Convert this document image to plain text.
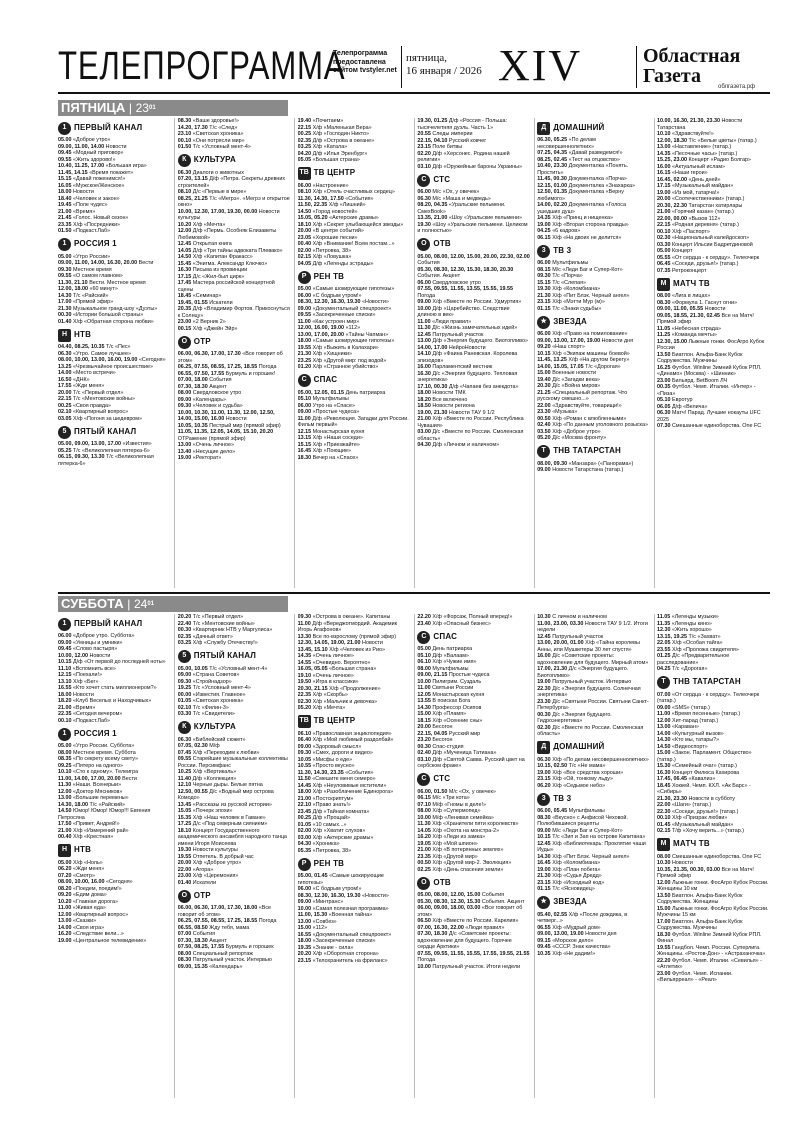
ТЕЛЕПРОГРАММА
Телепрограмма предоставлена сайтом tvstyler.net
пятница,
16 января / 2026 XIV	Областная
Газета	облгазета.рф
ПЯТНИЦА | $23^{01}$
1 ПЕРВЫЙ КАНАЛ
05.00 «Доброе утро»
09.00, 11.00, 14.00 Новости
09.45 «Модный приговор»
09.55 «Жить здорово!»
10.40, 11.25, 17.00 «Большая игра»
11.45, 14.15 «Время покажет»
15.15 «Давай поженимся!»
16.05 «Мужское/Женское»
18.00 Новости
18.40 «Человек и закон»
19.45 «Поле чудес»
21.00 «Время»
21.45 «Голос. Новый сезон»
23.35 Х/ф «Посредники»
01.50 «Подкаст.Лаб»
1 РОССИЯ 1
05.00 «Утро России»
09.00, 11.00, 14.00, 16.30, 20.00 Вести
09.30 Местное время
09.55 «О самом главном»
11.30, 21.10 Вести. Местное время
12.00, 18.00 «60 минут»
14.30 Т/с «Райский»
17.00 «Прямой эфир»
21.30 Музыкальное гранд-шоу «Дуэты»
00.30 «Истории большой страны»
01.40 Х/ф «Обратная сторона любви»
Н НТВ
04.40, 08.25, 10.35 Т/с «Пес»
06.30 «Утро. Самое лучшее»
08.00, 10.00, 13.00, 16.00, 19.00 «Сегодня»
13.25 «Чрезвычайное происшествие»
14.00 «Место встречи»
16.50 «ДНК»
17.55 «Жди меня»
20.00 Т/с «Первый отдел»
22.15 Т/с «Ментовские войны»
00.25 «Своя правда»
02.10 «Квартирный вопрос»
03.05 Х/ф «Погоня за шедевром»
5 ПЯТЫЙ КАНАЛ
05.00, 09.00, 13.00, 17.00 «Известия»
05.25 Т/с «Великолепная пятерка-6»
06.15, 09.30, 13.30 Т/с «Великолепная пятерка-6»
08.30 «Ваше здоровье!»
14.20, 17.30 Т/с «След»
23.10 «Светская хроника»
00.10 «Они потрясли мир»
01.50 Т/с «Условный мент-4»
К КУЛЬТУРА
06.30 Диалоги о животных
07.20, 13.15 Д/ф «Петра. Секреты древних строителей»
08.10 Д/с «Первые в мире»
08.25, 21.25 Т/с «Мегрэ». «Мегрэ и открытое окно»
10.00, 12.30, 17.00, 19.30, 00.00 Новости культуры
10.20 Х/ф «Мечта»
12.00 Д/ф «Пермь. Особняк Елизаветы Любимовой»
12.45 Открытая книга
14.05 Д/ф «Три тайны адвоката Плевако»
14.50 Х/ф «Капитан Фракасс»
15.45 «Энигма. Александр Ключко»
16.30 Письма из провинции
17.15 Д/с «Жил-был цирк»
17.45 Мастера российской концертной сцены
18.45 «Семинар»
19.45, 01.55 Искатели
20.35 Д/ф «Владимир Фортов. Прикоснуться к Солнцу»
23.00 «2 Верник 2»
00.15 Х/ф «Джейн Эйр»
О ОТР
06.00, 06.30, 17.00, 17.30 «Все говорит об этом»
06.25, 07.55, 08.55, 17.25, 18.55 Погода
06.55, 07.50, 17.55 Бурмуль и горошек!
07.00, 18.00 События
07.30, 18.30 Акцент
08.00 Свердловское утро
09.00 «Календарь»
09.30 «Человек и судьба»
10.00, 10.30, 11.00, 11.30, 12.00, 12.50, 14.00, 15.00, 16.00 Новости
10.05, 10.35 Пестрый мир (прямой эфир)
11.05, 11.35, 12.05, 14.05, 15.10, 20.20 ОТРажение (прямой эфир)
13.00 «Очень личное»
13.40 «Несущие дело»
19.00 «Ректорат»
19.40 «Почитаем»
22.15 Х/ф «Маленькая Вера»
00.25 Х/ф «Господин Никто»
02.35 Д/ф «Острова в океане»
03.25 Х/ф «Катала»
04.20 Д/ф «Илья Эренбург»
05.05 «Большая страна»
ТВ ТВ ЦЕНТР
06.00 «Настроение»
08.10 Х/ф «Отель счастливых сердец»
11.30, 14.30, 17.50 «События»
11.50, 22.35 Х/ф «Лишний»
14.50 «Город новостей»
15.05, 05.20 «Актерские драмы»
18.10 Х/ф «Секрет улыбающейся звезды»
20.00 «В центре событий»
23.05 «Хорошие песни»
00.40 Х/ф «Внимание! Всем постам...»
02.00 «Петровка, 38»
02.15 Х/ф «Ловушка»
04.05 Д/ф «Легенды эстрады»
Р РЕН ТВ
05.00 «Самые шокирующие гипотезы»
06.00 «С бодрым утром!»
08.30, 12.30, 16.30, 19.30 «Новости»
09.00 «Документальный спецпроект»
09.55 «Засекреченные списки»
11.00 «Как устроен мир»
12.00, 16.00, 19.00 «112»
13.00, 17.00, 20.00 «Тайны Чапман»
18.00 «Самые шокирующие гипотезы»
19.55 Х/ф «Выжить в Калахари»
21.30 Х/ф «Хищники»
23.25 Х/ф «Другой мир: под водой»
01.20 Х/ф «Странное убийство»
С СПАС
05.00, 12.05, 01.15 День патриарха
05.10 Мультфильмы
06.00 Утро на «Спасе»
09.00 «Простые чудеса»
11.00 Д/ф «Революция. Загадки для России. Фильм первый»
12.15 Монастырская кухня
13.15 Х/ф «Наши соседи»
15.15 Х/ф «Приезжайте»
16.45 Х/ф «Поющие»
18.30 Вечер на «Спасе»
19.30, 01.25 Д/ф «Россия - Польша: тысячелетняя дуэль. Часть 1»
20.55 Следы империи
22.15, 04.10 Русский ковчег
23.15 Поле битвы
02.20 Д/ф «Херсонес. Родина нашей религии»
03.10 Д/ф «Оружейные бароны Украины»
С СТС
06.00 М/с «Ох, у овечек»
06.30 М/с «Маша и медведь»
08.20, 04.35 «Уральские пельмени. СмехBook»
13.35, 21.00 «Шоу «Уральские пельмени»
19.30 «Шоу «Уральские пельмени. Целиком и полностью»
О ОТВ
05.00, 08.00, 12.00, 15.00, 20.00, 22.30, 02.00 События
05.30, 08.30, 12.30, 15.30, 18.30, 20.30 События. Акцент
06.00 Свердловское утро
07.55, 09.55, 11.55, 13.55, 15.55, 19.55 Погода
09.00 Х/ф «Вместе по России. Удмуртия»
10.00 Д/ф «Царебийство. Следствие длиною в век»
11.00 «Люди правил»
11.30 Д/с «Жизнь замечательных идей»
12.45 Патрульный участок
13.00 Д/ф «Энергия будущего. Биотопливо»
14.00, 17.00 НейроНовости
14.10 Д/ф «Фаина Раневская. Королева эпизодов»
16.00 Парламентский вестник
16.30 Д/с «Энергия будущего. Тепловая энергетика»
17.10, 00.30 Д/ф «Чапаев без анекдота»
18.00 Новости ТМК
18.20 Все включено
18.50 Новости региона
19.00, 21.30 Новости ТАУ 9 1/2
21.00 Х/ф «Вместе по России. Республика Чувашия»
03.00 Д/с «Вместе по России. Смоленская область»
04.30 Д/ф «Личном и наличном»
Д ДОМАШНИЙ
06.30, 05.25 «По делам несовершеннолетних»
07.25, 04.35 «Давай разведемся!»
08.25, 02.45 «Тест на отцовство»
10.40, 23.30 Документалка «Понять. Простить»
11.45, 00.30 Документалка «Порча»
12.15, 01.00 Документалка «Знахарка»
12.50, 01.35 Документалка «Верну любимого»
14.00, 02.20 Документалка «Голоса ушедших душ»
14.35 Х/ф «Принц и нищенка»
19.00 Х/ф «Вторая сторона правды»
04.25 «6 кадров»
06.15 Х/ф «На двоих не делится»
3 ТВ 3
06.00 Мультфильмы
08.15 М/с «Леди Баг и Супер-Кот»
09.30 Т/с «Порча»
15.15 Т/с «Слепая»
19.30 Х/ф «Коломбиана»
21.30 Х/ф «Пит Блэк. Черный ангел»
23.15 Х/ф «Мэтти Мур (м)»
01.15 Т/с «Знаки судьбы»
★ ЗВЕЗДА
06.00 Х/ф «Право на помилование»
09.00, 13.00, 17.00, 19.00 Новости дня
09.20 «Наш спорт»
10.15 Х/ф «Экипаж машины боевой»
11.45, 13.25 Х/ф «На другом берегу»
14.00, 15.05, 17.05 Т/с «Дорогая»
15.00 Военные новости
19.40 Д/с «Загадки века»
20.30 Д/с «Война миров»
21.25 «Специальный репортаж. Что русскому смешно...»
22.00 «Здравствуйте, товарищи!»
23.30 «Музыка»
00.50 Х/ф «Роман с влюбленными»
02.40 Х/ф «По данным уголовного розыска»
03.50 Х/ф «Доброе утро»
05.20 Д/с «Москва фронту»
Т ТНВ ТАТАРСТАН
08.00, 09.30 «Манзара» («Панорама»)
09.00 Новости Татарстана (татар.)
10.00, 16.30, 21.30, 23.30 Новости Татарстана
10.10 «Здравствуйте!»
12.00, 18.30 Т/с «Белые цветы» (татар.)
13.00 «Наставление» (татар.)
14.35 «Песочные часы» (татар.)
15.25, 23.00 Концерт «Радио Болгар»
16.00 «Актуальный ислам»
16.15 «Наши герои»
16.45, 02.00 «День дней»
17.15 «Музыкальный майдан»
19.00 «Из мой, татарча!»
20.00 «Соотечественники» (татар.)
20.30, 22.30 Татарстан хатирлары
21.00 «Горячий казан» (татар.)
22.00, 00.00 «Вызов 112»
22.15 «Родная деревня» (татар.)
00.10 Х/ф «Паспорт»
02.30 «Национальный калейдоскоп»
03.30 Концерт Ильсии Бадретдиновой
05.00 Концерт
05.55 «От сердца - к сердцу». Телеочерк
06.45 «Соседи, друзья!» (татар.)
07.35 Ретроконцерт
М МАТЧ ТВ
08.00 «Лига в лицах»
08.30 «Формула 1. Гаснут огни»
09.00, 11.00, 05.55 Новости
09.05, 18.55, 21.30, 02.45 Все на Матч! Прямой эфир
11.05 «Небесная страда»
11.25 «Команда мечты»
12.30, 15.00 Лыжные гонки. ФосАгро Кубок России
13.50 Биатлон. Альфа-Банк Кубок Содружества. Мужчины
16.25 Футбол. Winline Зимний Кубок РПЛ. «Динамо» (Москва) - «Шинник»
23.00 Бильярд. BetBoom ЛЧ
00.35 Футбол. Чемп. Италии. «Интер» - «Пиза»
05.10 Евротур
06.05 Д/ф «Велича»
06.30 Матч! Парад. Лучшие нокауты UFC 2025
07.30 Смешанные единоборства. One FC
СУББОТА | $24^{01}$
1 ПЕРВЫЙ КАНАЛ
06.00 «Доброе утро. Суббота»
09.00 «Умницы и умники»
09.45 «Слово пастыря»
10.00, 12.00 Новости
10.15 Д/ф «От первой до последней ноты»
11.10 «Вспомнить все»
12.15 «Поехали!»
13.10 Х/ф «Бег»
16.55 «Кто хочет стать миллионером?»
18.00 Новости
18.20 «Клуб Веселых и Находчивых»
21.00 «Время»
22.35 «Сегодня вечером»
00.10 «Подкаст.Лаб»
1 РОССИЯ 1
05.00 «Утро России. Суббота»
08.00 Местное время. Суббота
08.35 «По секрету всему свету»
09.25 «Пятеро на одного»
10.10 «Сто к одному». Телеигра
11.00, 14.00, 17.00, 20.00 Вести
11.30 «Наши. Всенерыи»
12.00 «Доктор Мясников»
13.00 «Большие перемены»
14.30, 18.00 Т/с «Райский»
14.50 Юмор! Юмор! Юмор!!! Евгения Петросяна
17.50 «Привет, Андрей!»
21.00 Х/ф «Измерений рай»
00.40 Х/ф «Крестная»
Н НТВ
05.00 Х/ф «Ноль»
06.20 «Жди меня»
07.20 «Смотр»
08.00, 10.00, 16.00 «Сегодня»
08.20 «Поедем, поедим!»
09.20 «Едим дома»
10.20 «Главная дорога»
11.00 «Живая еда»
12.00 «Квартирный вопрос»
13.00 «Сказки»
14.00 «Своя игра»
16.20 «Следствие вели...»
19.00 «Центральное телевидение»
20.20 Т/с «Первый отдел»
22.40 Т/с «Ментовские войны»
00.30 «Квартирник НТВ у Маргулиса»
02.35 «Дачный ответ»
03.25 Х/ф «Службу Отечеству!»
5 ПЯТЫЙ КАНАЛ
05.00, 10.05 Т/с «Условный мент-4»
09.00 «Страна Советов»
09.30 «Стройнадзор»
19.25 Т/с «Условный мент-4»
00.00 «Известия. Главное»
01.05 «Светская хроника»
02.10 Т/с «Филин-3»
03.30 Т/с «Свидетели»
К КУЛЬТУРА
06.30 «Библейский сюжет»
07.05, 02.30 М/ф
07.45 Х/ф «Переходим к любви»
09.55 Старейшие музыкальные коллективы России. Персимфанс
10.25 Х/ф «Вертикаль»
11.40 Д/ф «Коллекция»
12.10 Черные дыры. Белые пятна
12.50, 00.55 Д/с «Водный мир острова Комодо»
13.45 «Рассказы из русской истории»
15.05 «Почерк эпохи»
15.35 Х/ф «Наш человек в Гаване»
17.25 Д/с «Под северным сиянием»
18.10 Концерт Государственного академического ансамбля народного танца имени Игоря Моисеева
19.30 Новости культуры
19.55 Отпетель. В добрый час
20.00 Х/ф «Доброе утро»
22.00 «Агора»
23.00 Х/ф «Церемония»
01.40 Искатели
О ОТР
06.00, 06.30, 17.00, 17.30, 18.00 «Все говорит об этом»
06.25, 07.55, 08.55, 17.25, 18.55 Погода
06.55, 08.50 Жду тебя, мама
07.00 События
07.30, 18.30 Акцент
07.50, 08.25, 17.55 Бурмуль и горошек
08.00 Специальный репортаж
08.30 Патрульный участок. Интервью
09.00, 15.35 «Календарь»
09.30 «Острова в океане». Капитаны
11.00 Д/ф «Вереджотмордий. Академик Игорь Агафонов»
13.30 Все по-взрослому (прямой эфир)
12.30, 14.05, 19.00, 21.00 Новости
13.45, 15.10 Х/ф «Человек из Рио»
14.35 «Очень личное»
14.55 «Очевидно. Вероятно»
16.05, 05.05 «Большая страна»
19.10 «Очень личное»
19.50 «Игра в классики»
20.30, 21.15 Х/ф «Продолжение»
22.35 Х/ф «Скорбь»
02.30 Х/ф «Мальчик и девочка»
05.20 Х/ф «Мечта»
ТВ ТВ ЦЕНТР
06.10 «Православная энциклопедия»
06.40 Х/ф «Мой любимый раздолбай»
09.00 «Здоровый смысл»
09.30 «Смех, дороги и видео»
10.05 «Мисфы о еде»
10.55 «Просто вкусно»
11.30, 14.30, 23.35 «События»
11.50 «Смешите меня семеро»
14.45 Х/ф «Неуловимые мстители»
18.00 Х/ф «Разоблачение Единорога»
21.00 «Постскриптум»
22.10 «Право знать!»
23.45 Д/ф «Тайная комната»
00.25 Д/ф «Прощай»
01.05 «10 самых...»
02.00 Х/ф «Хватит слухов»
03.00 Х/ф «Актерские драмы»
04.30 «Хроника»
05.35 «Петровка, 38»
Р РЕН ТВ
05.00, 01.45 «Самые шокирующие гипотезы»
06.00 «С бодрым утром!»
08.30, 12.30, 16.30, 19.30 «Новости»
09.00 «Минтранс»
10.00 «Самая полезная программа»
11.00, 15.30 «Военная тайна»
13.00 «Совбез»
15.00 «112»
16.55 «Документальный спецпроект»
18.00 «Засекреченные списки»
19.35 «Знание - сила»
20.20 Х/ф «Оборотная сторона»
23.15 «Телохранитель на фриланс»
22.20 Х/ф «Форсаж. Полный вперед!»
23.40 Х/ф «Опасный бизнес»
С СПАС
05.00 День патриарха
05.10 Д/ф «Валаам»
06.10 Х/ф «Чужие имя»
08.00 Мультфильмы
09.00, 21.15 Простые чудеса
10.00 Пилигрим. Суздаль
11.00 Святыни России
12.05 Монастырская кухня
13.55 В поисках Бога
14.30 Профессор Осипов
15.00 Х/ф «Пламя»
18.15 Х/ф «Осенние сны»
20.00 Бесогон
22.15, 04.05 Русский мир
23.20 Бесогон
00.30 Спас-студия
02.40 Д/ф «Мученица Татиана»
03.10 Д/ф «Святой Савва. Русский цвет на сербском фраке»
С СТС
06.00, 01.50 М/с «Ох, у овечек»
06.15 М/с «Три кота»
07.10 М/ф «Гномы в деле!»
08.00 Х/ф «Супермопед»
10.00 М/ф «Ленивая семейка»
11.30 Х/ф «Хранители пяти королевств»
14.05 Х/ф «Охота на монстра-2»
16.20 Х/ф «Леди из замка»
19.05 Х/ф «Мой шпион»
21.00 Х/ф «В потерянных землях»
23.35 Х/ф «Другой мир»
00.50 Х/ф «Другой мир-2. Эволюция»
02.25 Х/ф «День спасения земли»
О ОТВ
05.00, 08.00, 12.00, 15.00 События
05.30, 08.30, 12.30, 15.30 События. Акцент
06.00, 09.00, 18.00, 03.00 «Все говорит об этом»
06.50 Х/ф «Вместе по России. Карелия»
07.00, 16.30, 22.00 «Люди правил»
07.30, 18.30 Д/с «Советские проекты: вдохновление для будущего. Горячее сердце Арктики»
07.55, 09.55, 11.55, 15.55, 17.55, 19.55, 21.55 Погода
10.00 Патрульный участок. Итоги недели
10.30 С личном и наличном
11.00, 23.00, 03.30 Новости ТАУ 9 1/2. Итоги недели
12.45 Патрульный участок
13.00, 20.00, 01.00 Х/ф «Тайна королевы Анны, или Мушкетеры 30 лет спустя»
16.00 Д/с «Советские проекты: вдохновление для будущего. Мирный атом»
17.00, 21.30 Д/с «Энергия будущего. Биотопливо»
19.00 Патрульный участок. Интервью
22.30 Д/с «Энергия будущего. Солнечная энергетика»
23.30 Д/с «Святыни России. Святыни Санкт-Петербурга»
00.30 Д/с «Энергия будущего. Гидроэнергетика»
02.30 Д/с «Вместе по России. Смоленская область»
Д ДОМАШНИЙ
06.30 Х/ф «По делам несовершеннолетних»
10.15, 02.50 Т/с «Не мама»
19.00 Х/ф «Все средства хороши»
23.15 Х/ф «Ой, тонкому льду»
06.20 Х/ф «Седьмое небо»
3 ТВ 3
06.00, 05.45 Мультфильмы
08.30 «Вкусно» с Анфисой Чеховой. Полюбившиеся рецепты
09.00 М/с «Леди Баг и Супер-Кот»
10.15 Т/с «Зип и Зап на острове Капитана»
12.45 Х/ф «Библиотекарь: Проклятие чаши Иуды»
14.30 Х/ф «Пит Блэк. Черный ангел»
16.45 Х/ф «Коломбиана»
19.00 Х/ф «План побега»
21.30 Х/ф «Судья Дредд»
23.15 Х/ф «Исходный код»
01.15 Т/с «Ясновидец»
★ ЗВЕЗДА
05.40, 02.55 Х/ф «После дождика, в четверг...»
06.55 Х/ф «Мудрый дом»
09.00, 13.00, 19.00 Новости дня
09.15 «Морское дело»
09.45 «СССР. Знак качества»
10.35 Х/ф «Не дадим!»
11.05 «Легенды музыки»
11.35 «Легенды кино»
12.30 «Жить хорошо»
13.15, 19.25 Т/с «Захват»
22.05 Х/ф «Особая тайга»
23.55 Х/ф «Проложа свидетеля»
01.25 Д/с «Предварительное расследование»
04.25 Т/с «Дорогая»
Т ТНВ ТАТАРСТАН
07.00 «От сердца - к сердцу». Телеочерк (татар.)
09.00 «SMS» (татар.)
11.00 «Время песенные» (татар.)
12.00 Хит-парад (татар.)
13.00 «Караван»
14.00 «Культурный вызов»
14.30 «Кто мы, татары?»
14.50 «Видеоспорт»
15.00 «Закон. Парламент. Общество» (татар.)
15.30 «Семейный очаг» (татар.)
16.30 Концерт Филюса Кахирова
17.45, 06.45 «Кавалиэ»
18.45 Хоккей. Чемп. КХЛ. «Ак Барс» - «Сибирь»
21.30, 23.30 Новости в субботу
22.00 «Шаги» (татар.)
22.30 «Соседи, друзья!» (татар.)
00.10 Х/ф «Призрак любви»
01.45 «Музыкальный майдан»
02.15 Т/ф «Хочу верить...» (татар.)
М МАТЧ ТВ
08.00 Смешанные единоборства. One FC
10.30 Новости
10.35, 21.35, 00.30, 03.00 Все на Матч! Прямой эфир
12.00 Лыжные гонки. ФосАгро Кубок России. Женщины 10 км
13.50 Биатлон. Альфа-Банк Кубок Содружества. Женщины
15.00 Лыжные гонки. ФосАгро Кубок России. Мужчины 15 км
17.00 Биатлон. Альфа-Банк Кубок Содружества. Мужчины
18.30 Футбол. Winline Зимний Кубок РПЛ. Финал
19.55 Гандбол. Чемп. России. Суперлига. Женщины. «Ростов-Дон» - «Астраханочка»
22.20 Футбол. Чемп. Италии. «Севилья» - «Атлетик»
23.00 Футбол. Чемп. Испании. «Вильярреал» - «Реал»
